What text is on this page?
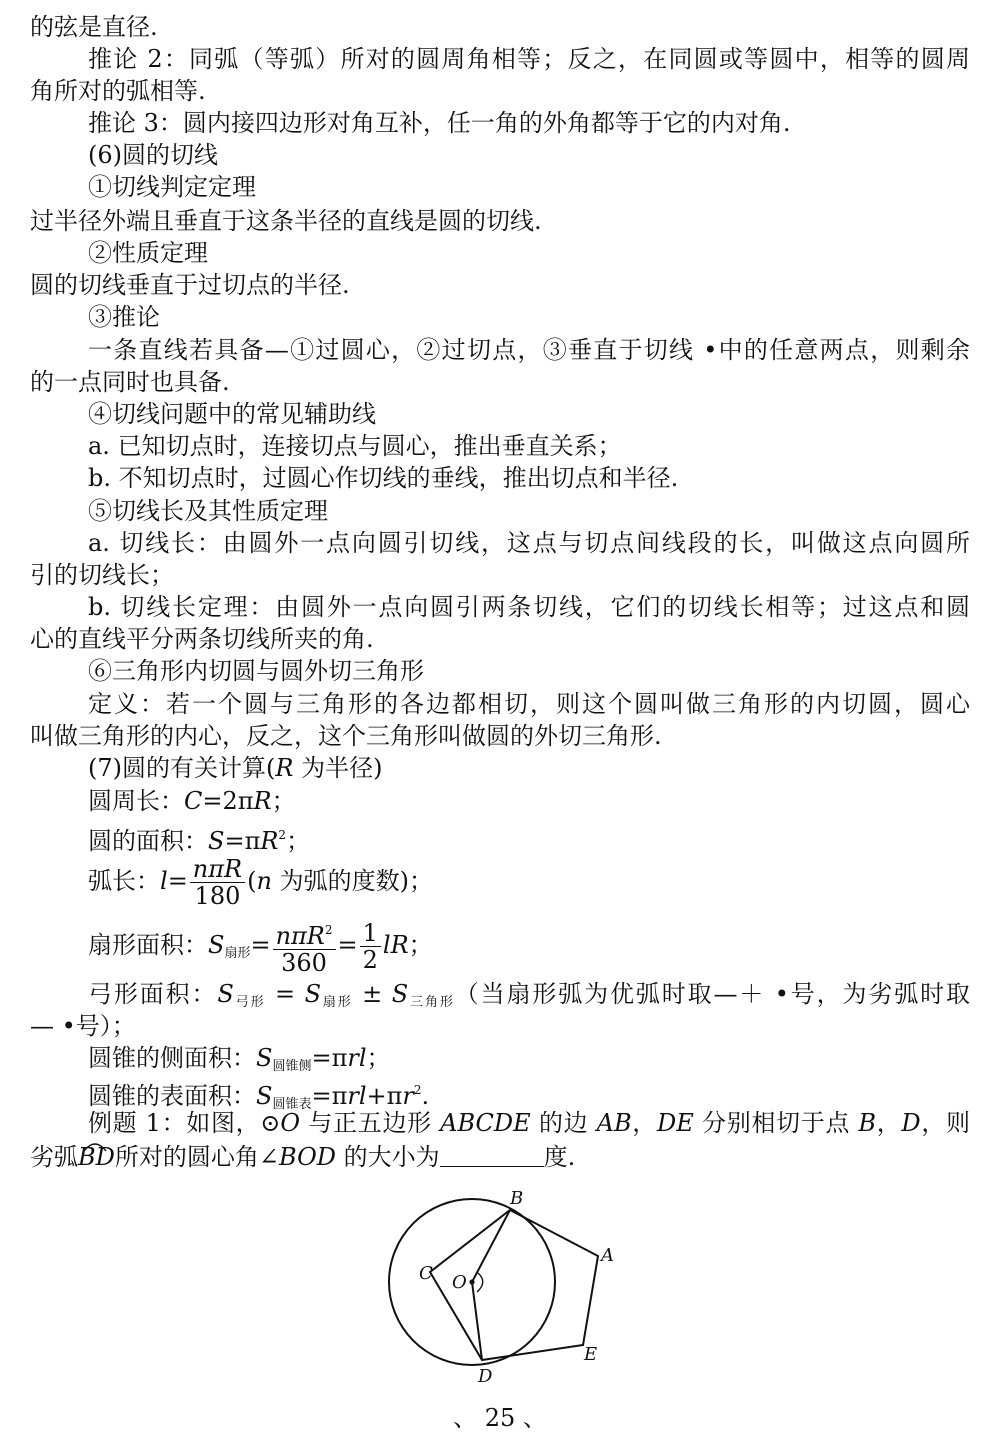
的弦是直径.
推论 2：同弧（等弧）所对的圆周角相等；反之，在同圆或等圆中，相等的圆周
角所对的弧相等.
推论 3：圆内接四边形对角互补，任一角的外角都等于它的内对角.
(6)圆的切线
①切线判定定理
过半径外端且垂直于这条半径的直线是圆的切线.
②性质定理
圆的切线垂直于过切点的半径.
③推论
一条直线若具备—①过圆心，②过切点，③垂直于切线 •中的任意两点，则剩余
的一点同时也具备.
④切线问题中的常见辅助线
a. 已知切点时，连接切点与圆心，推出垂直关系；
b. 不知切点时，过圆心作切线的垂线，推出切点和半径.
⑤切线长及其性质定理
a. 切线长：由圆外一点向圆引切线，这点与切点间线段的长，叫做这点向圆所
引的切线长；
b. 切线长定理：由圆外一点向圆引两条切线，它们的切线长相等；过这点和圆
心的直线平分两条切线所夹的角.
⑥三角形内切圆与圆外切三角形
定义：若一个圆与三角形的各边都相切，则这个圆叫做三角形的内切圆，圆心
叫做三角形的内心，反之，这个三角形叫做圆的外切三角形.
(7)圆的有关计算(R 为半径)
圆周长：C=2πR；
圆的面积：$S=\pi R^2$；
弧长：$l= \frac{\text{nπR}}{180} (n$ 为弧的度数)；
扇形面积：$S_{扇形}= \frac{n\pi R^2}{360} = \frac{1}{2}$ lR；
弓形面积：$S_{弓形} = S_{扇形} \pm S_{三角形}$（当扇形弧为优弧时取—＋ •号，为劣弧时取
— •号）；
圆锥的侧面积：$S_{圆锥侧}=\pi rl$；
圆锥的表面积：$S_{圆锥表}=\pi rl+\pi r^2$.
例题 1：如图，⊙O 与正五边形 ABCDE 的边 AB，DE 分别相切于点 B，D，则
劣弧BD
所对的圆心角∠BOD 的大小为	度.
B
A
C O
E
D
、 25 、
